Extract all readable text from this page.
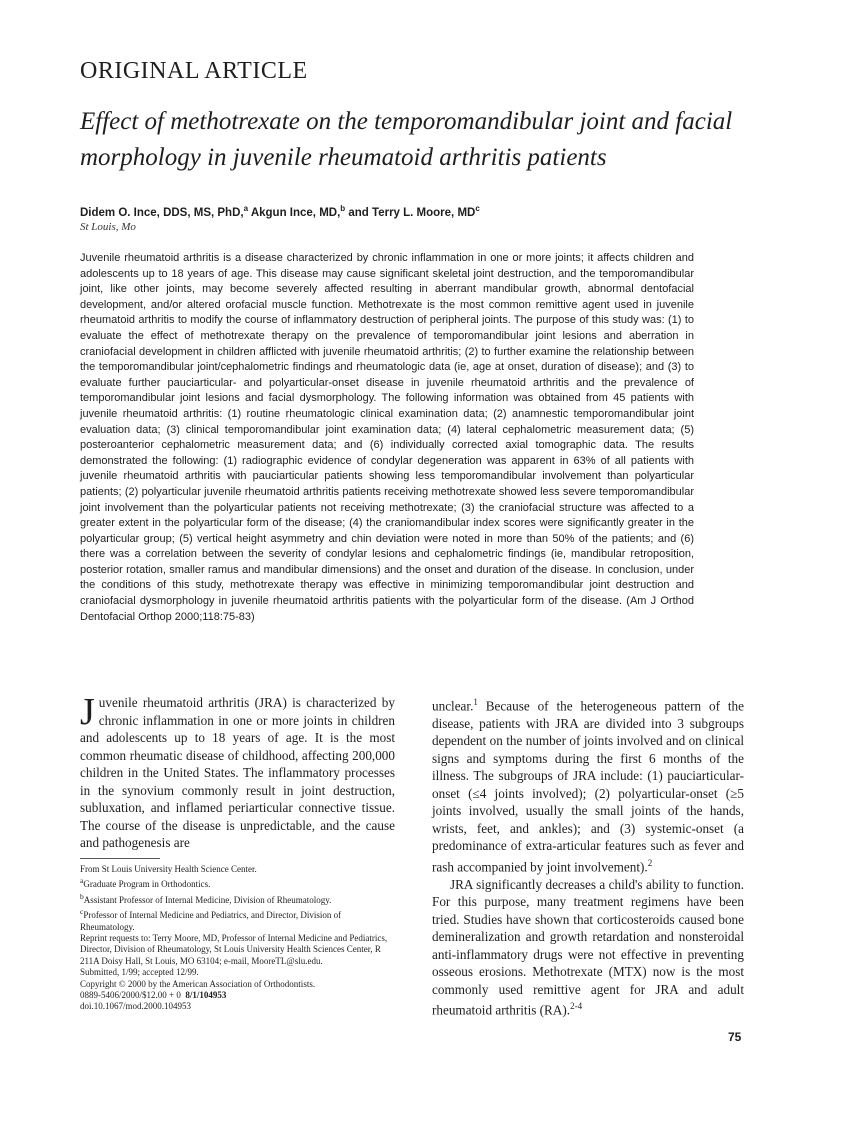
ORIGINAL ARTICLE
Effect of methotrexate on the temporomandibular joint and facial morphology in juvenile rheumatoid arthritis patients
Didem O. Ince, DDS, MS, PhD,$^a$ Akgun Ince, MD,$^b$ and Terry L. Moore, $MD^c$
St Louis, Mo

Juvenile rheumatoid arthritis is a disease characterized by chronic inflammation in one or more joints; it affects children and adolescents up to 18 years of age. This disease may cause significant skeletal joint destruction, and the temporomandibular joint, like other joints, may become severely affected resulting in aberrant mandibular growth, abnormal dentofacial development, and/or altered orofacial muscle function. Methotrexate is the most common remittive agent used in juvenile rheumatoid arthritis to modify the course of inflammatory destruction of peripheral joints. The purpose of this study was: (1) to evaluate the effect of methotrexate therapy on the prevalence of temporomandibular joint lesions and aberration in craniofacial development in children afflicted with juvenile rheumatoid arthritis; (2) to further examine the relationship between the temporomandibular joint/cephalometric findings and rheumatologic data (ie, age at onset, duration of disease); and (3) to evaluate further pauciarticular- and polyarticular-onset disease in juvenile rheumatoid arthritis and the prevalence of temporomandibular joint lesions and facial dysmorphology. The following information was obtained from 45 patients with juvenile rheumatoid arthritis: (1) routine rheumatologic clinical examination data; (2) anamnestic temporomandibular joint evaluation data; (3) clinical temporomandibular joint examination data; (4) lateral cephalometric measurement data; (5) posteroanterior cephalometric measurement data; and (6) individually corrected axial tomographic data. The results demonstrated the following: (1) radiographic evidence of condylar degeneration was apparent in 63% of all patients with juvenile rheumatoid arthritis with pauciarticular patients showing less temporomandibular involvement than polyarticular patients; (2) polyarticular juvenile rheumatoid arthritis patients receiving methotrexate showed less severe temporomandibular joint involvement than the polyarticular patients not receiving methotrexate; (3) the craniofacial structure was affected to a greater extent in the polyarticular form of the disease; (4) the craniomandibular index scores were significantly greater in the polyarticular group; (5) vertical height asymmetry and chin deviation were noted in more than 50% of the patients; and (6) there was a correlation between the severity of condylar lesions and cephalometric findings (ie, mandibular retroposition, posterior rotation, smaller ramus and mandibular dimensions) and the onset and duration of the disease. In conclusion, under the conditions of this study, methotrexate therapy was effective in minimizing temporomandibular joint destruction and craniofacial dysmorphology in juvenile rheumatoid arthritis patients with the polyarticular form of the disease. (Am J Orthod Dentofacial Orthop 2000;118:75-83)

Juvenile rheumatoid arthritis (JRA) is characterized by chronic inflammation in one or more joints in children and adolescents up to 18 years of age. It is the most common rheumatic disease of childhood, affecting 200,000 children in the United States. The inflammatory processes in the synovium commonly result in joint destruction, subluxation, and inflamed periarticular connective tissue. The course of the disease is unpredictable, and the cause and pathogenesis are

unclear.$^1$ Because of the heterogeneous pattern of the disease, patients with JRA are divided into 3 subgroups dependent on the number of joints involved and on clinical signs and symptoms during the first 6 months of the illness. The subgroups of JRA include: (1) pauciarticular-onset (≤4 joints involved); (2) polyarticular-onset (≥5 joints involved, usually the small joints of the hands, wrists, feet, and ankles); and (3) systemic-onset (a predominance of extra-articular features such as fever and rash accompanied by joint involvement).$^2$

JRA significantly decreases a child's ability to function. For this purpose, many treatment regimens have been tried. Studies have shown that corticosteroids caused bone demineralization and growth retardation and nonsteroidal anti-inflammatory drugs were not effective in preventing osseous erosions. Methotrexate (MTX) now is the most commonly used remittive agent for JRA and adult rheumatoid arthritis (RA).$^{2-4}$

From St Louis University Health Science Center.
$^a$Graduate Program in Orthodontics.
$^b$Assistant Professor of Internal Medicine, Division of Rheumatology.
$^c$Professor of Internal Medicine and Pediatrics, and Director, Division of Rheumatology.
Reprint requests to: Terry Moore, MD, Professor of Internal Medicine and Pediatrics, Director, Division of Rheumatology, St Louis University Health Sciences Center, R 211A Doisy Hall, St Louis, MO 63104; e-mail, MooreTL@slu.edu.
Submitted, 1/99; accepted 12/99.
Copyright © 2000 by the American Association of Orthodontists.
0889-5406/2000/$12.00 + 0 8/1/104953
doi.10.1067/mod.2000.104953
75
